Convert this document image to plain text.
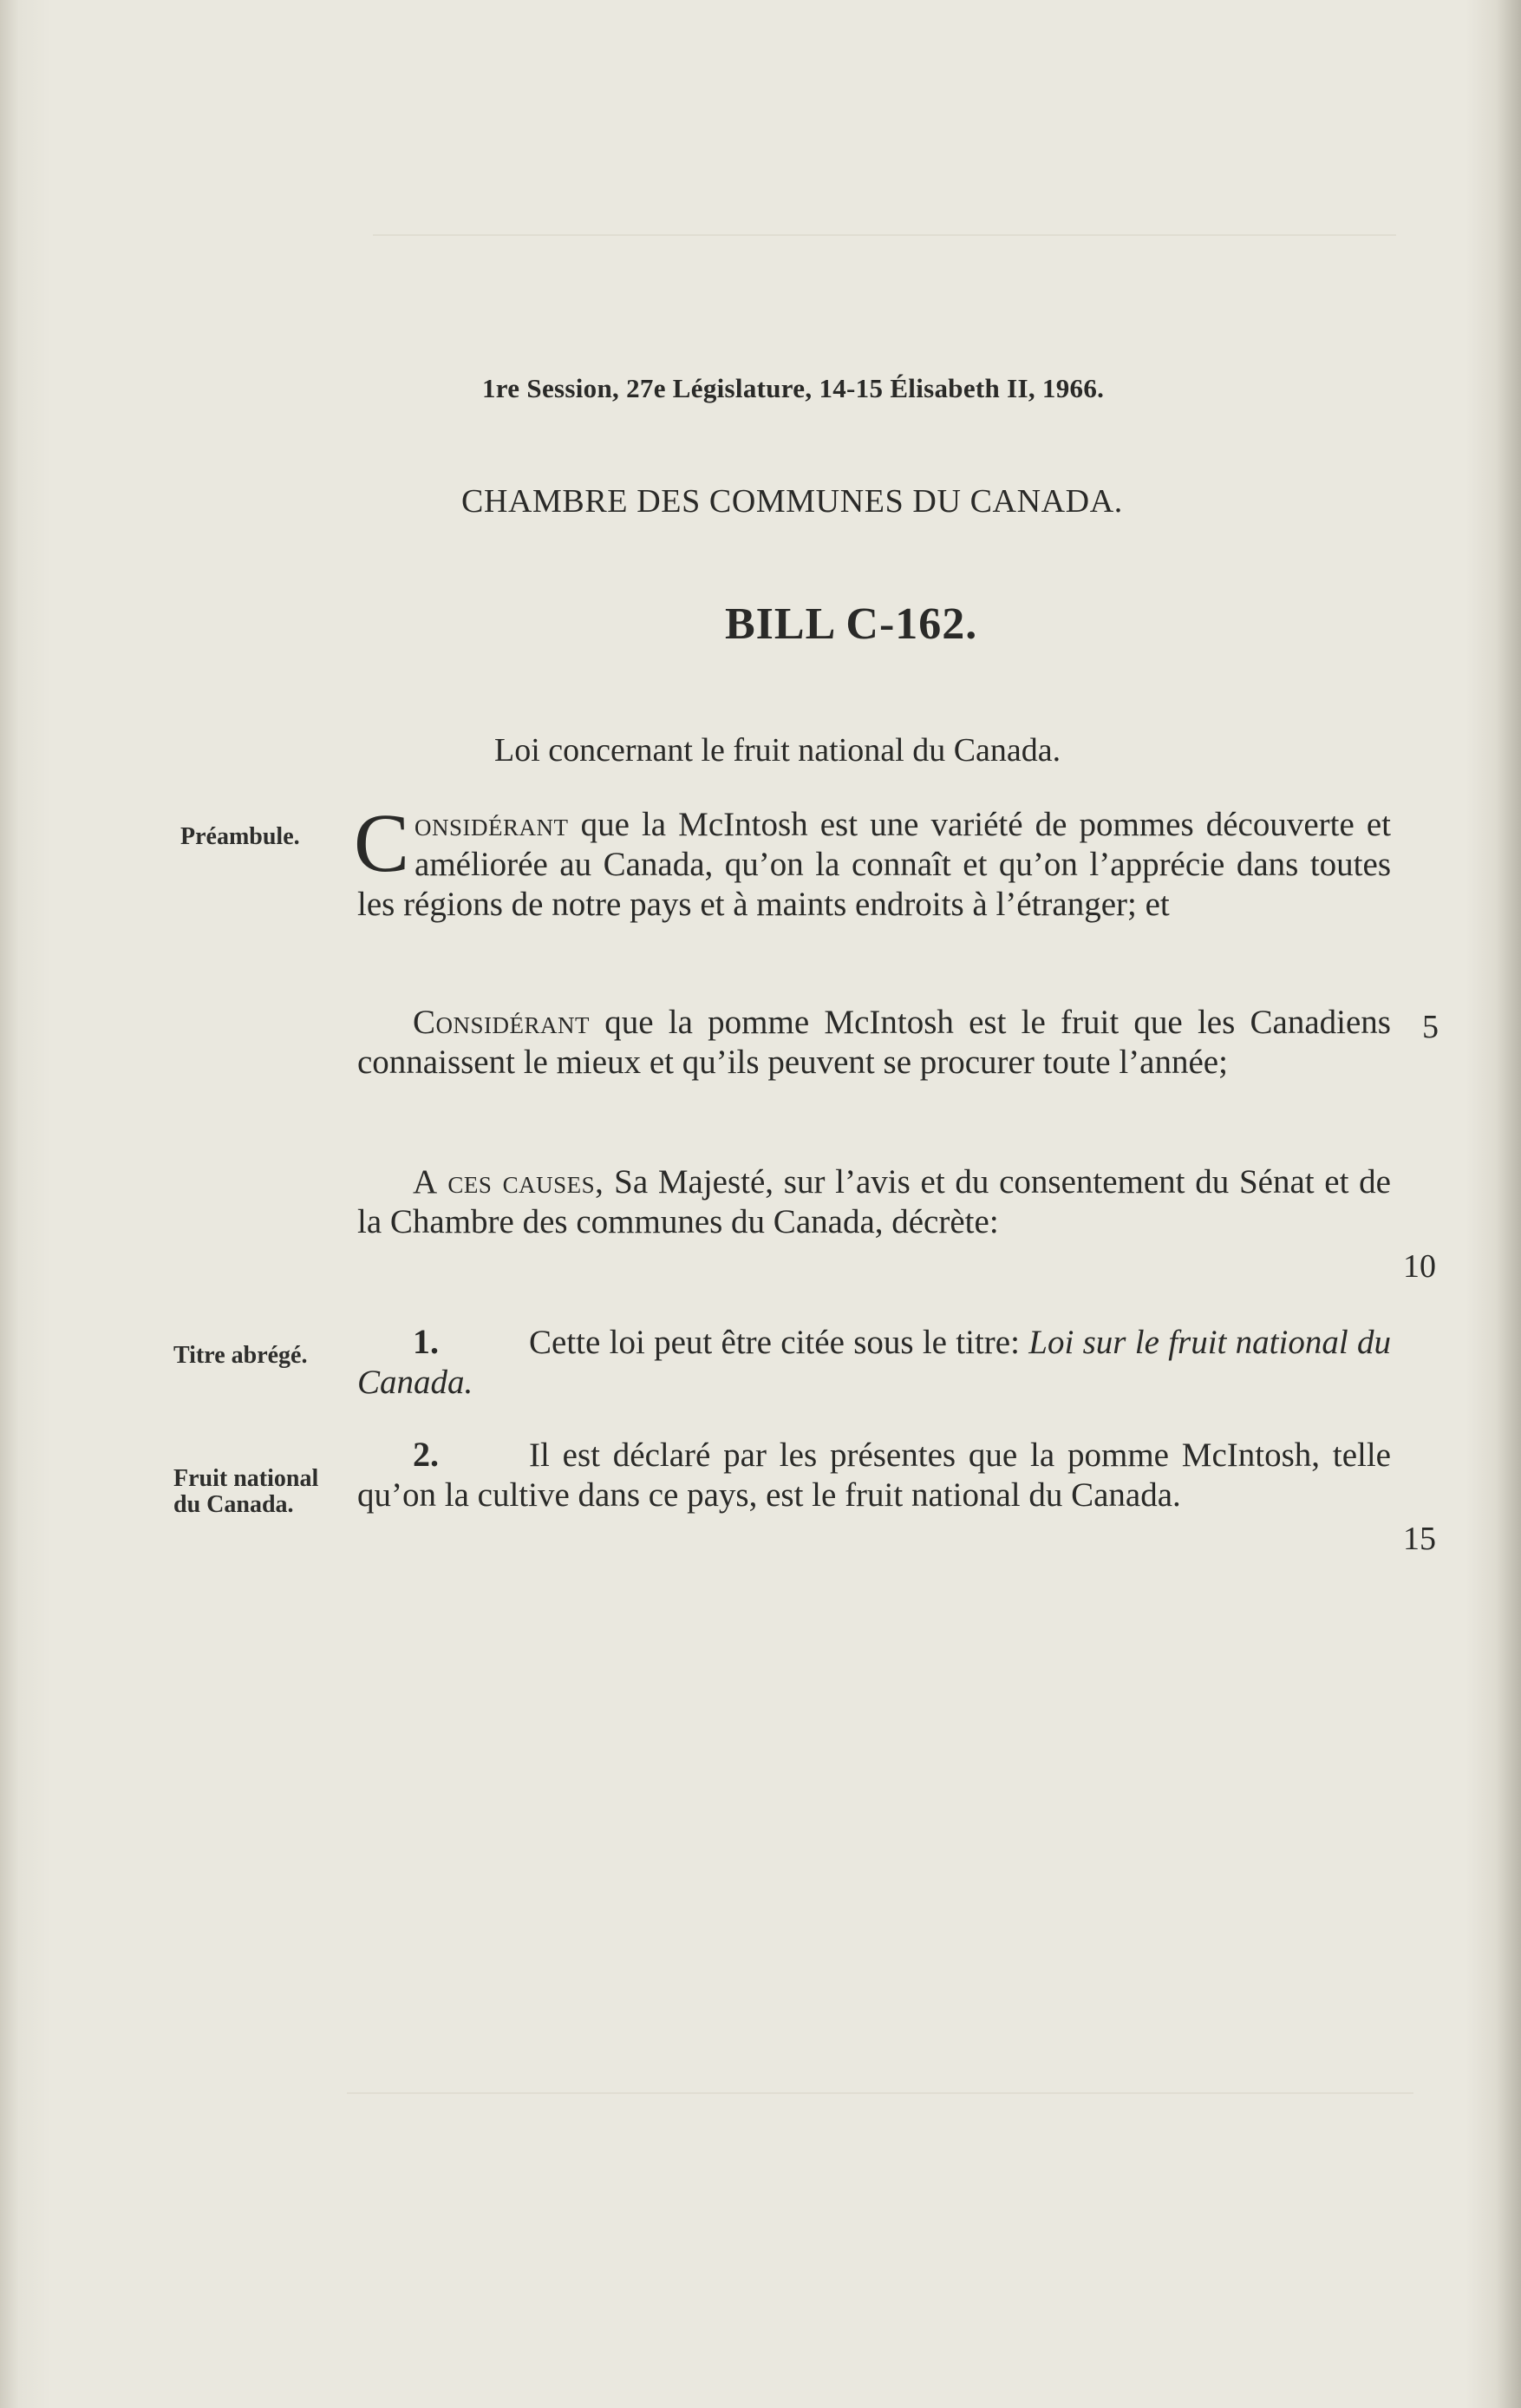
1re Session, 27e Législature, 14-15 Élisabeth II, 1966.
CHAMBRE DES COMMUNES DU CANADA.
BILL C-162.
Loi concernant le fruit national du Canada.
Préambule.
Titre abrégé.
Fruit national du Canada.
Considérant que la McIntosh est une variété de pommes découverte et améliorée au Canada, qu’on la connaît et qu’on l’apprécie dans toutes les régions de notre pays et à maints endroits à l’étranger; et
Considérant que la pomme McIntosh est le fruit que les Canadiens connaissent le mieux et qu’ils peuvent se procurer toute l’année;
A ces causes, Sa Majesté, sur l’avis et du consentement du Sénat et de la Chambre des communes du Canada, décrète:
1.	Cette loi peut être citée sous le titre: Loi sur le fruit national du Canada.
2.	Il est déclaré par les présentes que la pomme McIntosh, telle qu’on la cultive dans ce pays, est le fruit national du Canada.
5
10
15
